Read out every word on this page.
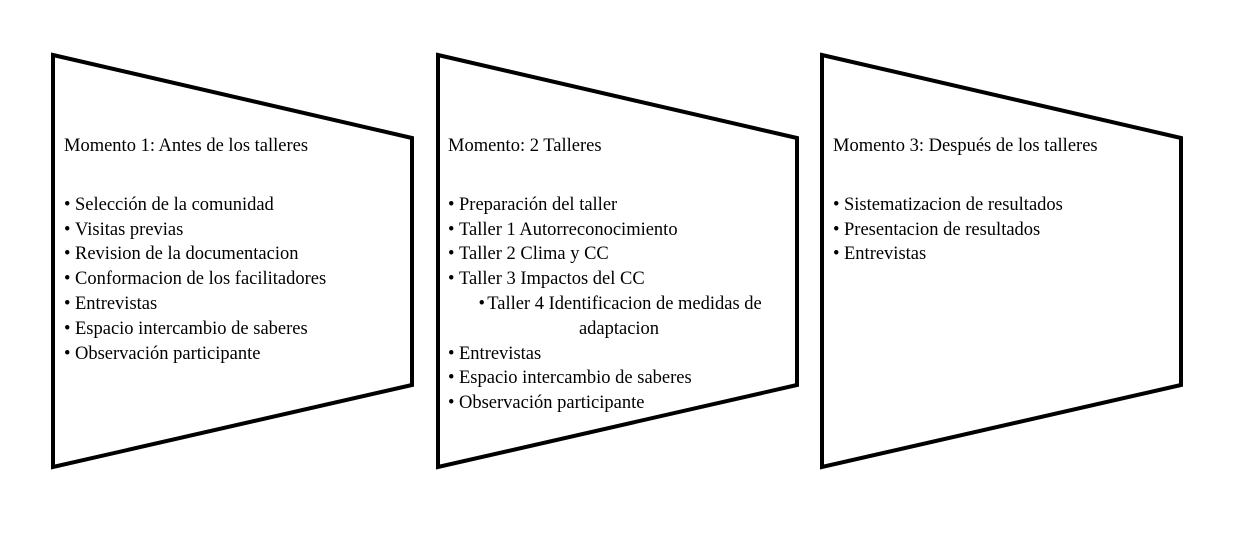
Momento 1: Antes de los talleres
• Selección de la comunidad
• Visitas previas
• Revision de la documentacion
• Conformacion de los facilitadores
• Entrevistas
• Espacio intercambio de saberes
• Observación participante
Momento: 2 Talleres
• Preparación del taller
• Taller 1 Autorreconocimiento
• Taller 2 Clima y CC
• Taller 3 Impactos del CC
• Taller 4 Identificacion de medidas de adaptacion
• Entrevistas
• Espacio intercambio de saberes
• Observación participante
Momento 3: Después de los talleres
• Sistematizacion de resultados
• Presentacion de resultados
• Entrevistas
